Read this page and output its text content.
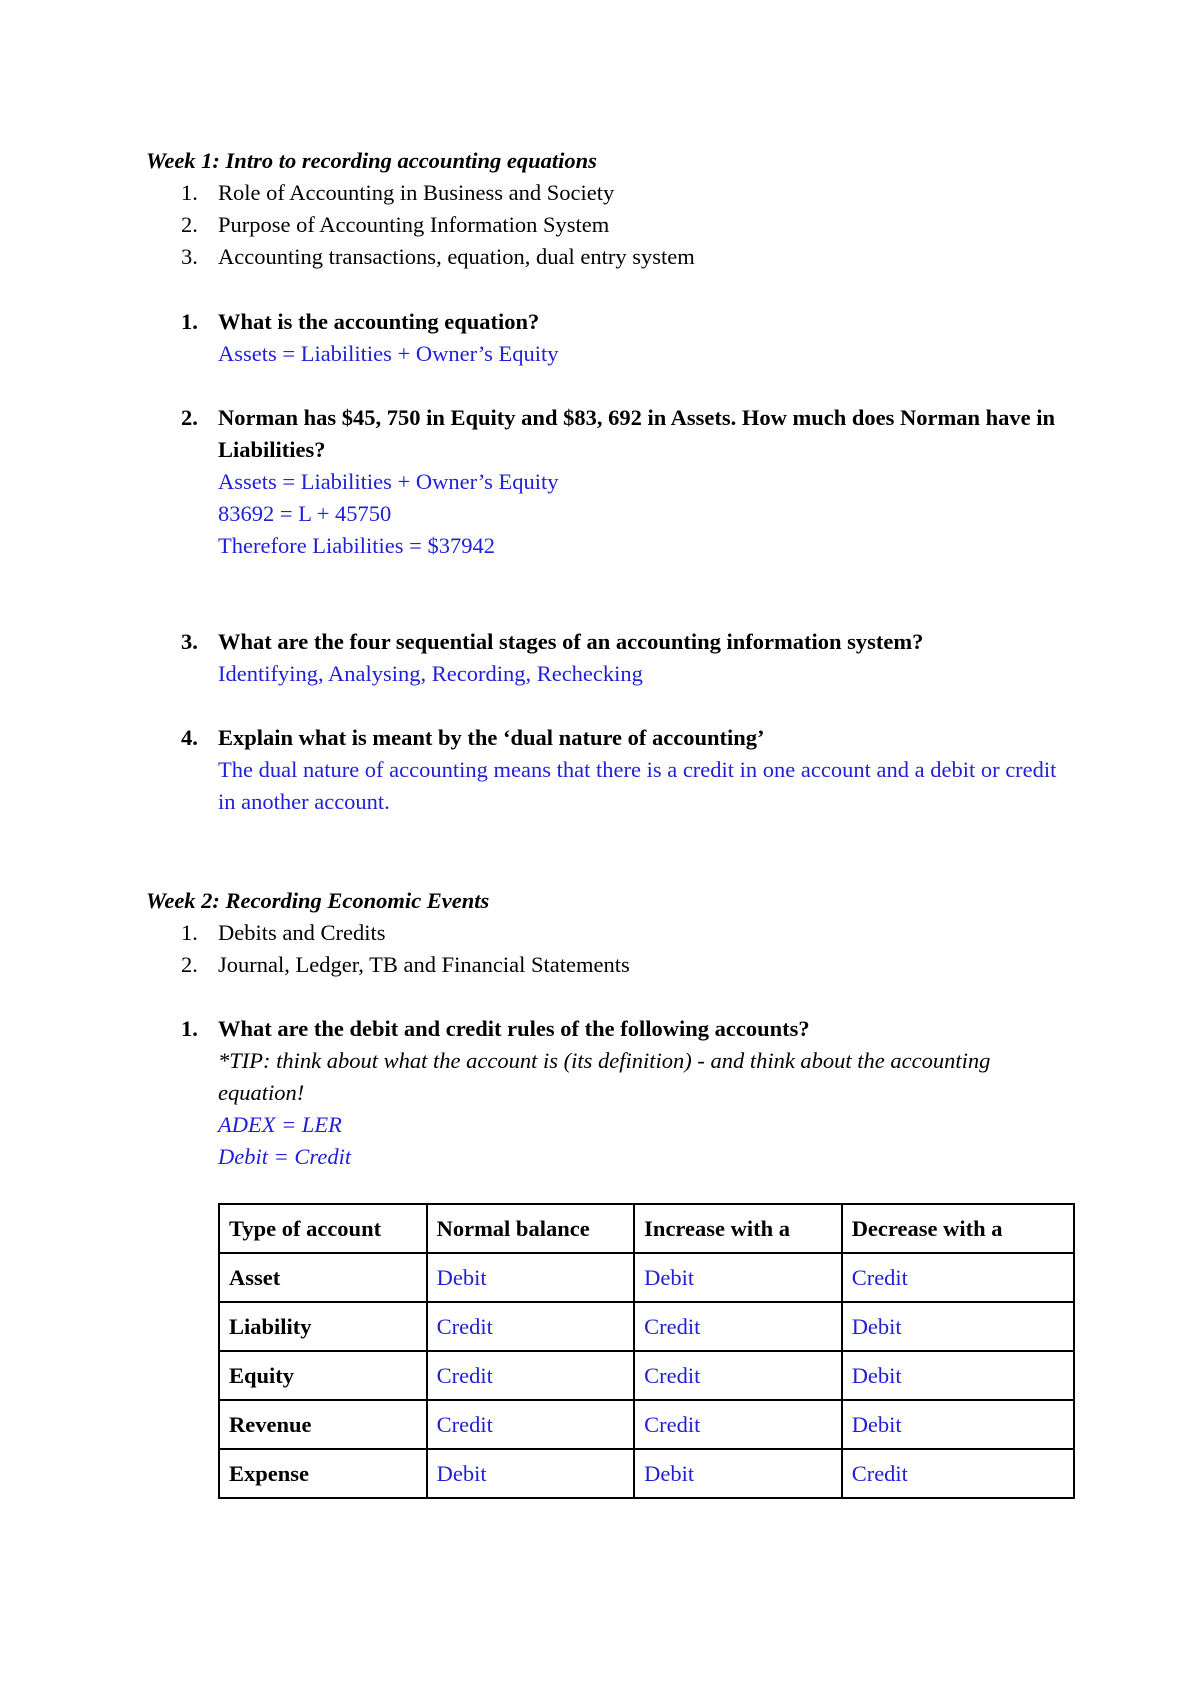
Week 1: Intro to recording accounting equations
1. Role of Accounting in Business and Society
2. Purpose of Accounting Information System
3. Accounting transactions, equation, dual entry system
1. What is the accounting equation?
Assets = Liabilities + Owner’s Equity
2. Norman has $45, 750 in Equity and $83, 692 in Assets. How much does Norman have in Liabilities?
Assets = Liabilities + Owner’s Equity
83692 = L + 45750
Therefore Liabilities = $37942
3. What are the four sequential stages of an accounting information system?
Identifying, Analysing, Recording, Rechecking
4. Explain what is meant by the ‘dual nature of accounting’
The dual nature of accounting means that there is a credit in one account and a debit or credit in another account.
Week 2: Recording Economic Events
1. Debits and Credits
2. Journal, Ledger, TB and Financial Statements
1. What are the debit and credit rules of the following accounts?
*TIP: think about what the account is (its definition) - and think about the accounting equation!
ADEX = LER
Debit = Credit
Type of account	Normal balance	Increase with a	Decrease with a
Asset	Debit	Debit	Credit
Liability	Credit	Credit	Debit
Equity	Credit	Credit	Debit
Revenue	Credit	Credit	Debit
Expense	Debit	Debit	Credit
